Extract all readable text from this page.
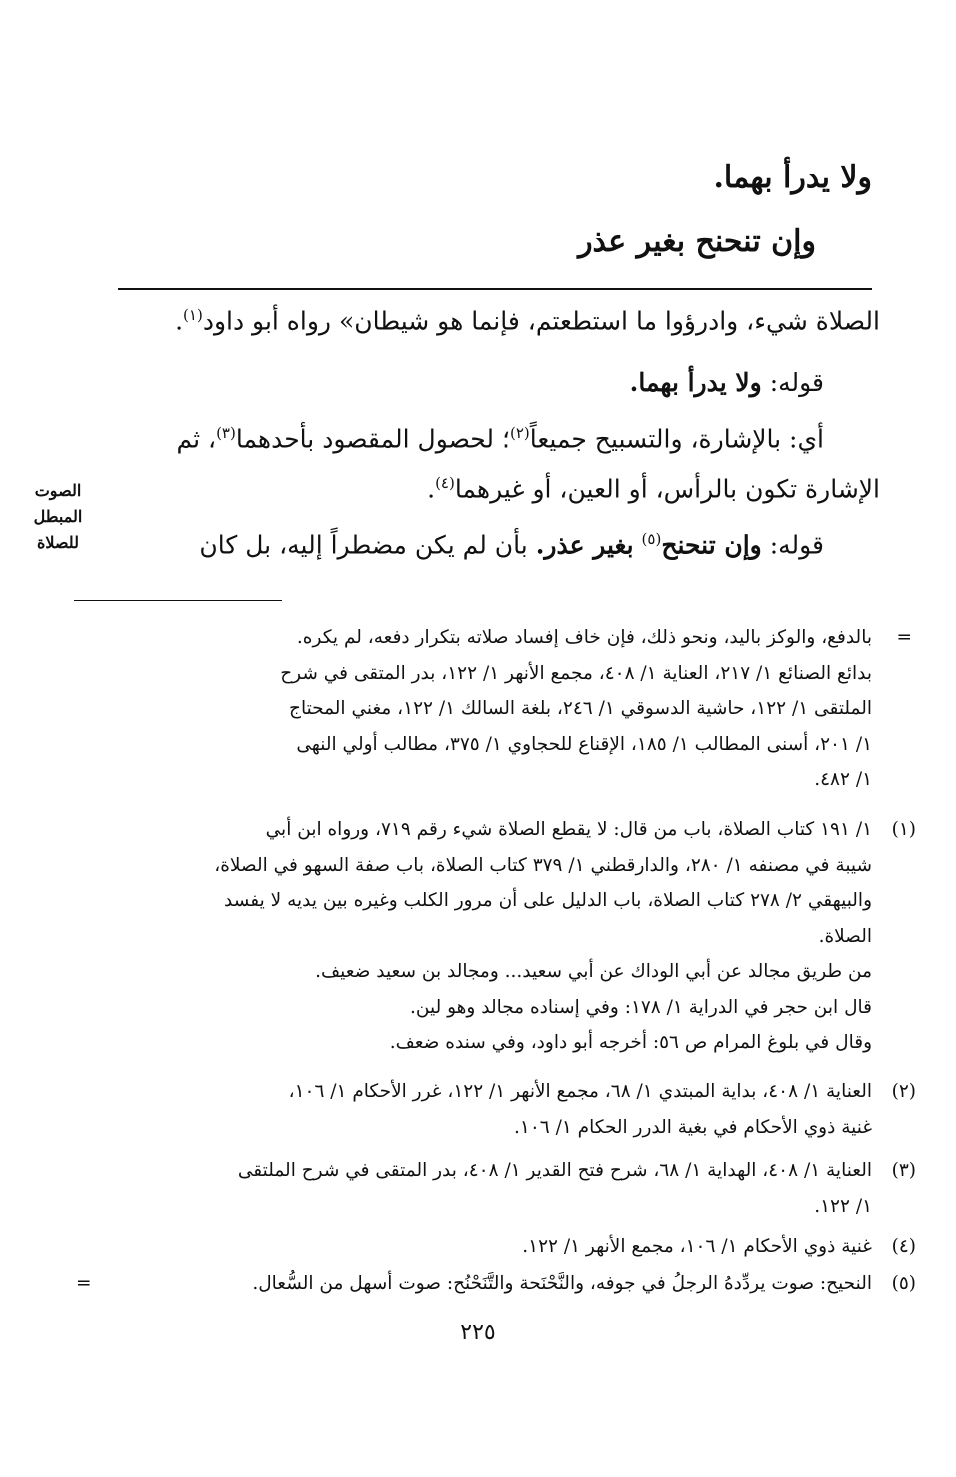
ولا يدرأ بهما.
وإن تنحنح بغير عذر
الصلاة شيء، وادرؤوا ما استطعتم، فإنما هو شيطان» رواه أبو داود$^{(١)}$.
قوله: ولا يدرأ بهما.
أي: بالإشارة، والتسبيح جميعاً$^{(٢)}$؛ لحصول المقصود بأحدهما$^{(٣)}$، ثم
الإشارة تكون بالرأس، أو العين، أو غيرهما$^{(٤)}$.
قوله: وإن تنحنح$^{(٥)}$ بغير عذر. بأن لم يكن مضطراً إليه، بل كان
الصوت
المبطل
للصلاة
=
بالدفع، والوكز باليد، ونحو ذلك، فإن خاف إفساد صلاته بتكرار دفعه، لم يكره.
بدائع الصنائع ١/ ٢١٧، العناية ١/ ٤٠٨، مجمع الأنهر ١/ ١٢٢، بدر المتقى في شرح
الملتقى ١/ ١٢٢، حاشية الدسوقي ١/ ٢٤٦، بلغة السالك ١/ ١٢٢، مغني المحتاج
١/ ٢٠١، أسنى المطالب ١/ ١٨٥، الإقناع للحجاوي ١/ ٣٧٥، مطالب أولي النهى
١/ ٤٨٢.
(١)
١/ ١٩١ كتاب الصلاة، باب من قال: لا يقطع الصلاة شيء رقم ٧١٩، ورواه ابن أبي
شيبة في مصنفه ١/ ٢٨٠، والدارقطني ١/ ٣٧٩ كتاب الصلاة، باب صفة السهو في الصلاة،
والبيهقي ٢/ ٢٧٨ كتاب الصلاة، باب الدليل على أن مرور الكلب وغيره بين يديه لا يفسد
الصلاة.
من طريق مجالد عن أبي الوداك عن أبي سعيد... ومجالد بن سعيد ضعيف.
قال ابن حجر في الدراية ١/ ١٧٨: وفي إسناده مجالد وهو لين.
وقال في بلوغ المرام ص ٥٦: أخرجه أبو داود، وفي سنده ضعف.
(٢)
العناية ١/ ٤٠٨، بداية المبتدي ١/ ٦٨، مجمع الأنهر ١/ ١٢٢، غرر الأحكام ١/ ١٠٦،
غنية ذوي الأحكام في بغية الدرر الحكام ١/ ١٠٦.
(٣)
العناية ١/ ٤٠٨، الهداية ١/ ٦٨، شرح فتح القدير ١/ ٤٠٨، بدر المتقى في شرح الملتقى
١/ ١٢٢.
(٤)
غنية ذوي الأحكام ١/ ١٠٦، مجمع الأنهر ١/ ١٢٢.
(٥)
النحيح: صوت يردِّدهُ الرجلُ في جوفه، والنَّحْنَحة والتَّنَحْنُح: صوت أسهل من السُّعال.
=
٢٢٥
